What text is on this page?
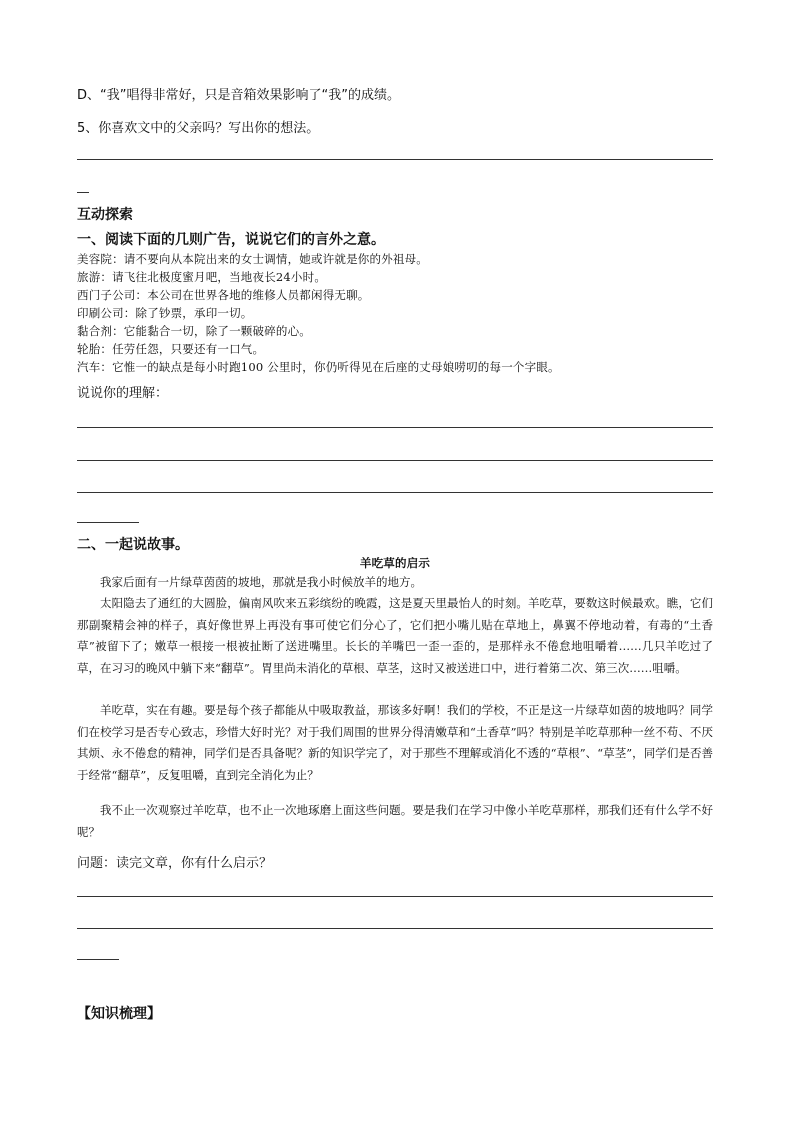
D、“我”唱得非常好，只是音箱效果影响了“我”的成绩。
5、你喜欢文中的父亲吗？写出你的想法。
互动探索
一、阅读下面的几则广告，说说它们的言外之意。
美容院：请不要向从本院出来的女士调情，她或许就是你的外祖母。
旅游：请飞往北极度蜜月吧，当地夜长24小时。
西门子公司：本公司在世界各地的维修人员都闲得无聊。
印刷公司：除了钞票，承印一切。
黏合剂：它能黏合一切，除了一颗破碎的心。
轮胎：任劳任怨，只要还有一口气。
汽车：它惟一的缺点是每小时跑100 公里时，你仍听得见在后座的丈母娘唠叨的每一个字眼。
说说你的理解：
二、一起说故事。
羊吃草的启示
我家后面有一片绿草茵茵的坡地，那就是我小时候放羊的地方。
太阳隐去了通红的大圆脸，偏南风吹来五彩缤纷的晚霞，这是夏天里最怡人的时刻。羊吃草，要数这时候最欢。瞧，它们那副聚精会神的样子，真好像世界上再没有事可使它们分心了，它们把小嘴儿贴在草地上，鼻翼不停地动着，有毒的“土香草”被留下了；嫩草一根接一根被扯断了送进嘴里。长长的羊嘴巴一歪一歪的，是那样永不倦怠地咀嚼着……几只羊吃过了草，在习习的晚风中躺下来“翻草”。胃里尚未消化的草根、草茎，这时又被送进口中，进行着第二次、第三次……咀嚼。
羊吃草，实在有趣。要是每个孩子都能从中吸取教益，那该多好啊！我们的学校，不正是这一片绿草如茵的坡地吗？同学们在校学习是否专心致志，珍惜大好时光？对于我们周围的世界分得清嫩草和“土香草”吗？特别是羊吃草那种一丝不苟、不厌其烦、永不倦怠的精神，同学们是否具备呢？新的知识学完了，对于那些不理解或消化不透的“草根”、“草茎”，同学们是否善于经常“翻草”，反复咀嚼，直到完全消化为止？
我不止一次观察过羊吃草，也不止一次地琢磨上面这些问题。要是我们在学习中像小羊吃草那样，那我们还有什么学不好呢？
问题：读完文章，你有什么启示？
【知识梳理】
